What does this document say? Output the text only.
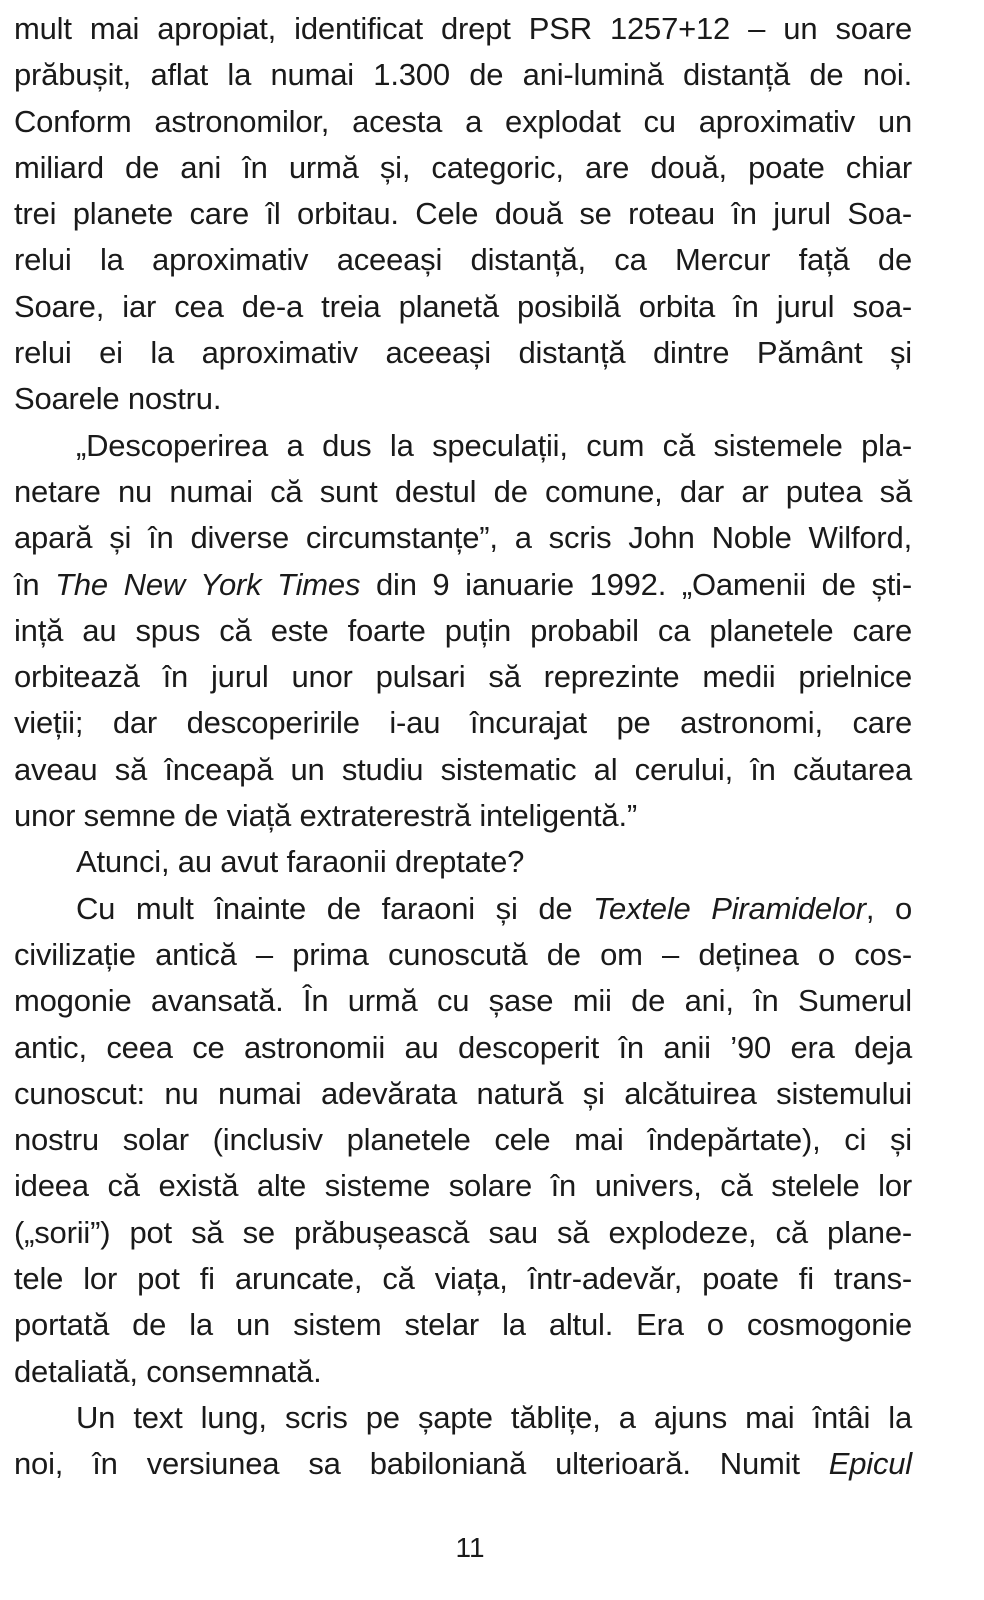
mult mai apropiat, identificat drept PSR 1257+12 – un soare
prăbușit, aflat la numai 1.300 de ani-lumină distanță de noi.
Conform astronomilor, acesta a explodat cu aproximativ un
miliard de ani în urmă și, categoric, are două, poate chiar
trei planete care îl orbitau. Cele două se roteau în jurul Soa-
relui la aproximativ aceeași distanță, ca Mercur față de
Soare, iar cea de-a treia planetă posibilă orbita în jurul soa-
relui ei la aproximativ aceeași distanță dintre Pământ și
Soarele nostru.
„Descoperirea a dus la speculații, cum că sistemele pla-
netare nu numai că sunt destul de comune, dar ar putea să
apară și în diverse circumstanțe”, a scris John Noble Wilford,
în The New York Times din 9 ianuarie 1992. „Oamenii de ști-
ință au spus că este foarte puțin probabil ca planetele care
orbitează în jurul unor pulsari să reprezinte medii prielnice
vieții; dar descoperirile i-au încurajat pe astronomi, care
aveau să înceapă un studiu sistematic al cerului, în căutarea
unor semne de viață extraterestră inteligentă.”
Atunci, au avut faraonii dreptate?
Cu mult înainte de faraoni și de Textele Piramidelor, o
civilizație antică – prima cunoscută de om – deținea o cos-
mogonie avansată. În urmă cu șase mii de ani, în Sumerul
antic, ceea ce astronomii au descoperit în anii ’90 era deja
cunoscut: nu numai adevărata natură și alcătuirea sistemului
nostru solar (inclusiv planetele cele mai îndepărtate), ci și
ideea că există alte sisteme solare în univers, că stelele lor
(„sorii”) pot să se prăbușească sau să explodeze, că plane-
tele lor pot fi aruncate, că viața, într-adevăr, poate fi trans-
portată de la un sistem stelar la altul. Era o cosmogonie
detaliată, consemnată.
Un text lung, scris pe șapte tăblițe, a ajuns mai întâi la
noi, în versiunea sa babiloniană ulterioară. Numit Epicul
11
